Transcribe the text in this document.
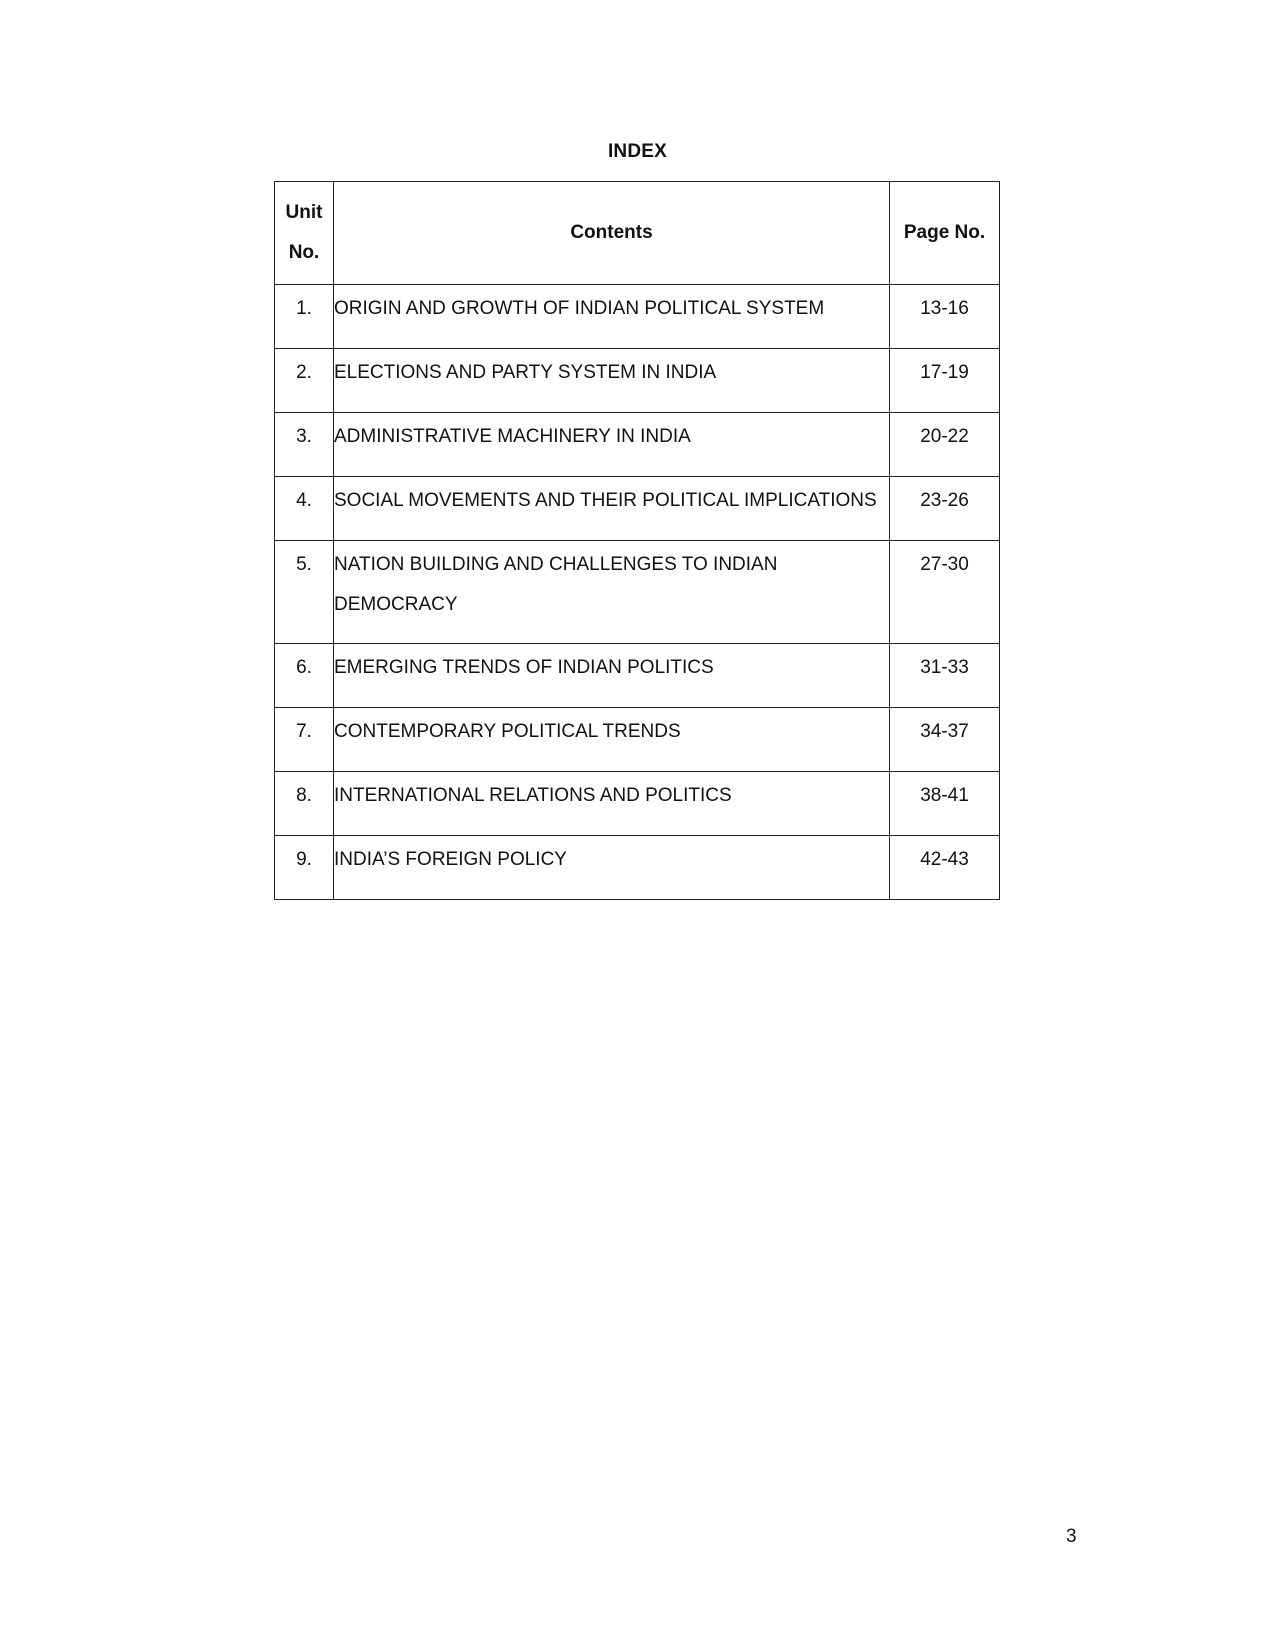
INDEX
Unit
No.	Contents	Page No.

1.	ORIGIN AND GROWTH OF INDIAN POLITICAL SYSTEM	13-16

2.	ELECTIONS AND PARTY SYSTEM IN INDIA	17-19

3.	ADMINISTRATIVE MACHINERY IN INDIA	20-22

4.	SOCIAL MOVEMENTS AND THEIR POLITICAL IMPLICATIONS	23-26

5.	NATION BUILDING AND CHALLENGES TO INDIAN DEMOCRACY	27-30

6.	EMERGING TRENDS OF INDIAN POLITICS	31-33

7.	CONTEMPORARY POLITICAL TRENDS	34-37

8.	INTERNATIONAL RELATIONS AND POLITICS	38-41

9.	INDIA’S FOREIGN POLICY	42-43
3
